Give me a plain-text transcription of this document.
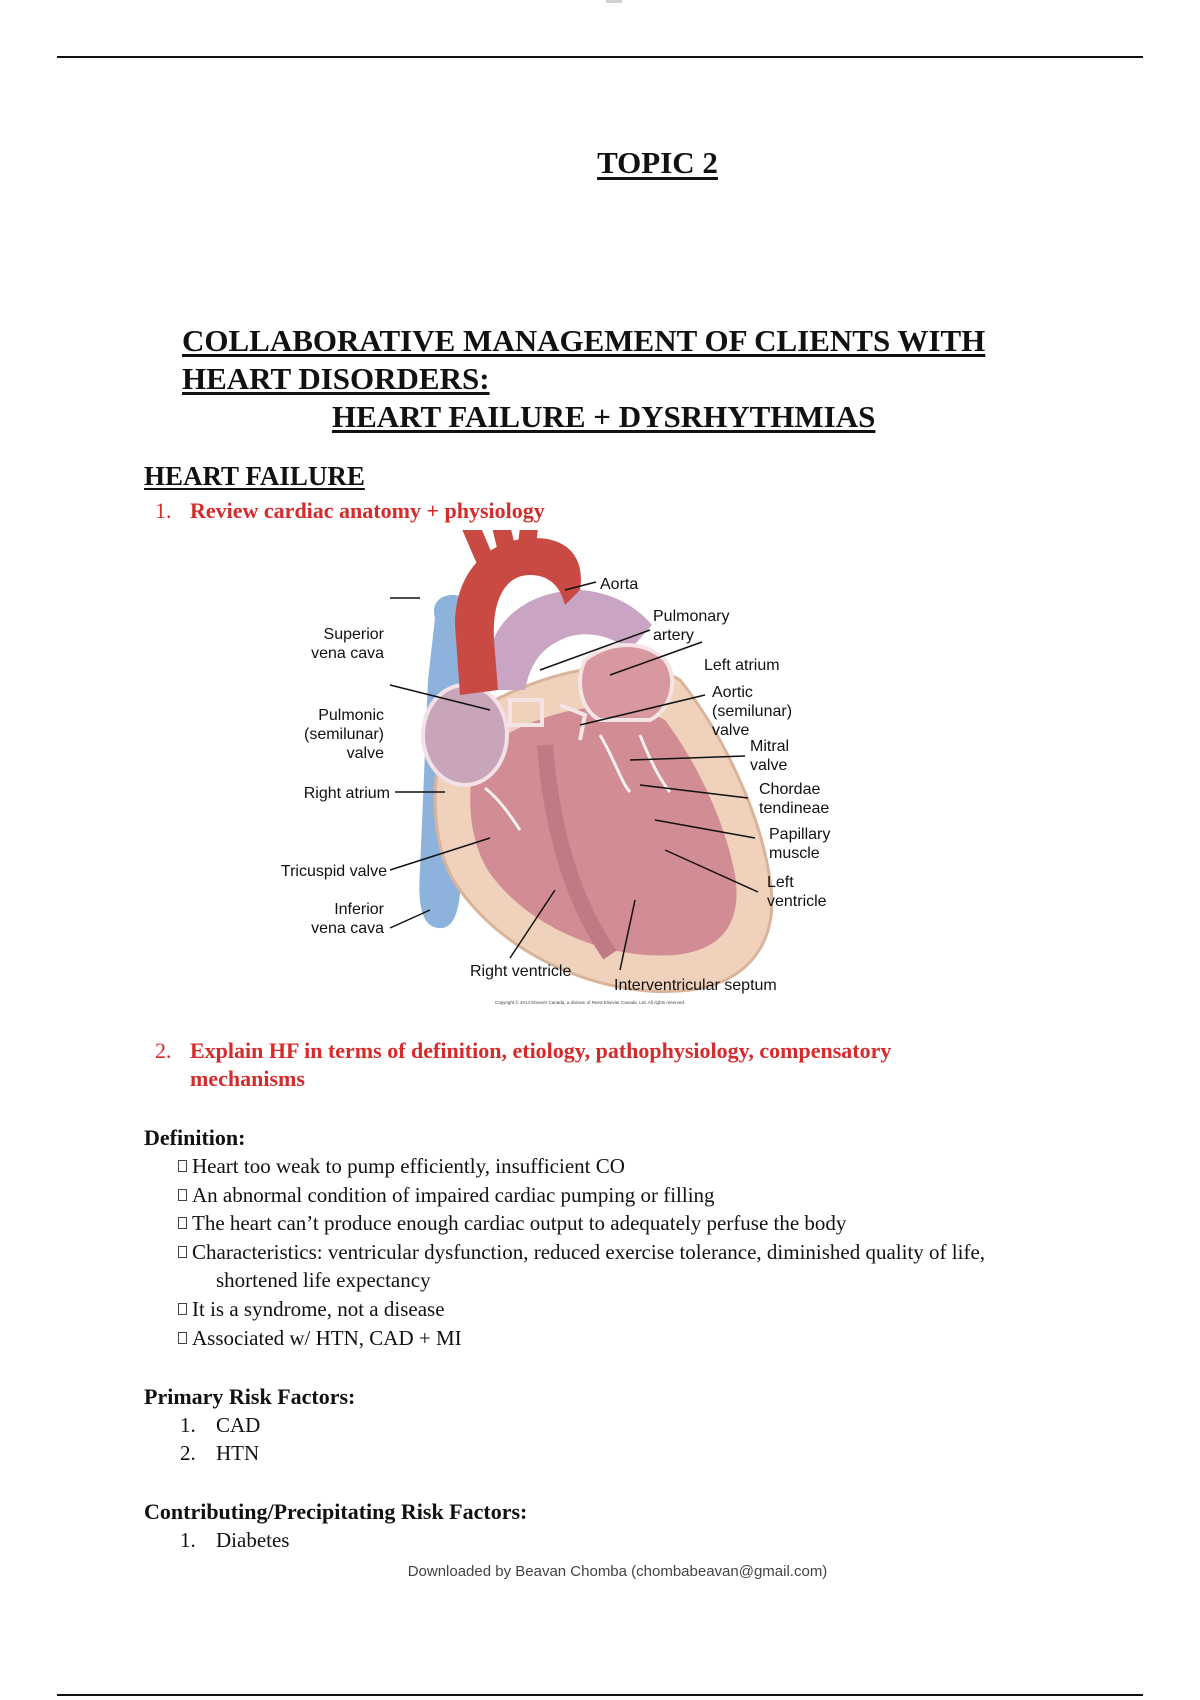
TOPIC 2
COLLABORATIVE MANAGEMENT OF CLIENTS WITH
HEART DISORDERS:
HEART FAILURE + DYSRHYTHMIAS
HEART FAILURE
1. Review cardiac anatomy + physiology
Aorta
Pulmonary
artery
Left atrium
Aortic
(semilunar)
valve
Mitral
valve
Chordae
tendineae
Papillary
muscle
Left
ventricle
Superior
vena cava
Pulmonic
(semilunar)
valve
Right atrium
Tricuspid valve
Inferior
vena cava
Right ventricle
Interventricular septum
Copyright © 2014 Elsevier Canada, a division of Reed Elsevier Canada, Ltd. All rights reserved.
2. Explain HF in terms of definition, etiology, pathophysiology, compensatory mechanisms
Definition:
Heart too weak to pump efficiently, insufficient CO
An abnormal condition of impaired cardiac pumping or filling
The heart can’t produce enough cardiac output to adequately perfuse the body
Characteristics: ventricular dysfunction, reduced exercise tolerance, diminished quality of life,
shortened life expectancy
It is a syndrome, not a disease
Associated w/ HTN, CAD + MI
Primary Risk Factors:
1. CAD
2. HTN
Contributing/Precipitating Risk Factors:
1. Diabetes
Downloaded by Beavan Chomba (chombabeavan@gmail.com)
